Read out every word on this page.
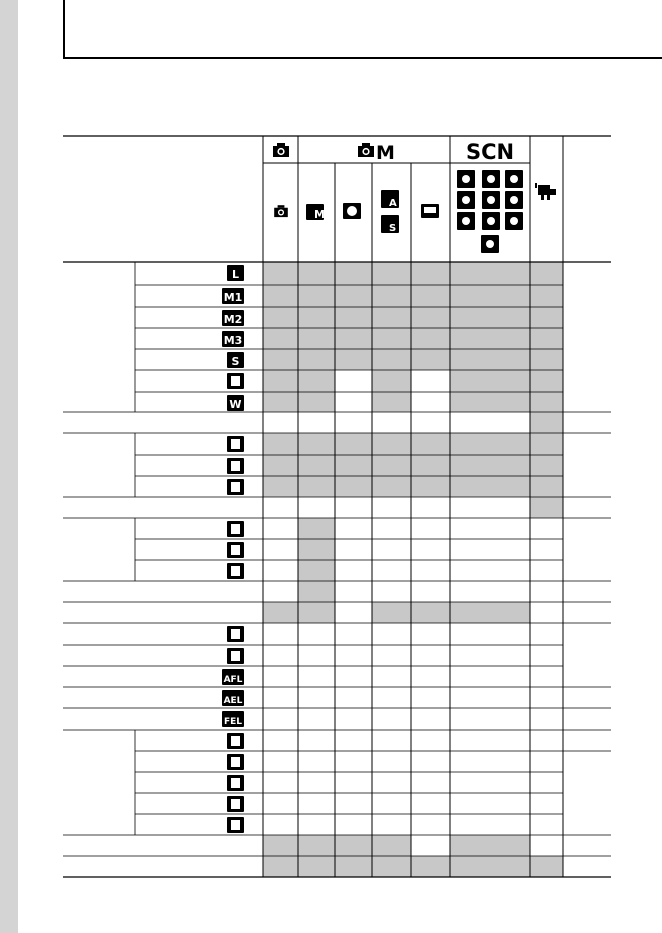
M	SCN
M
A
S
L
M1
M2
M3
S
W
AFL
AEL
FEL
